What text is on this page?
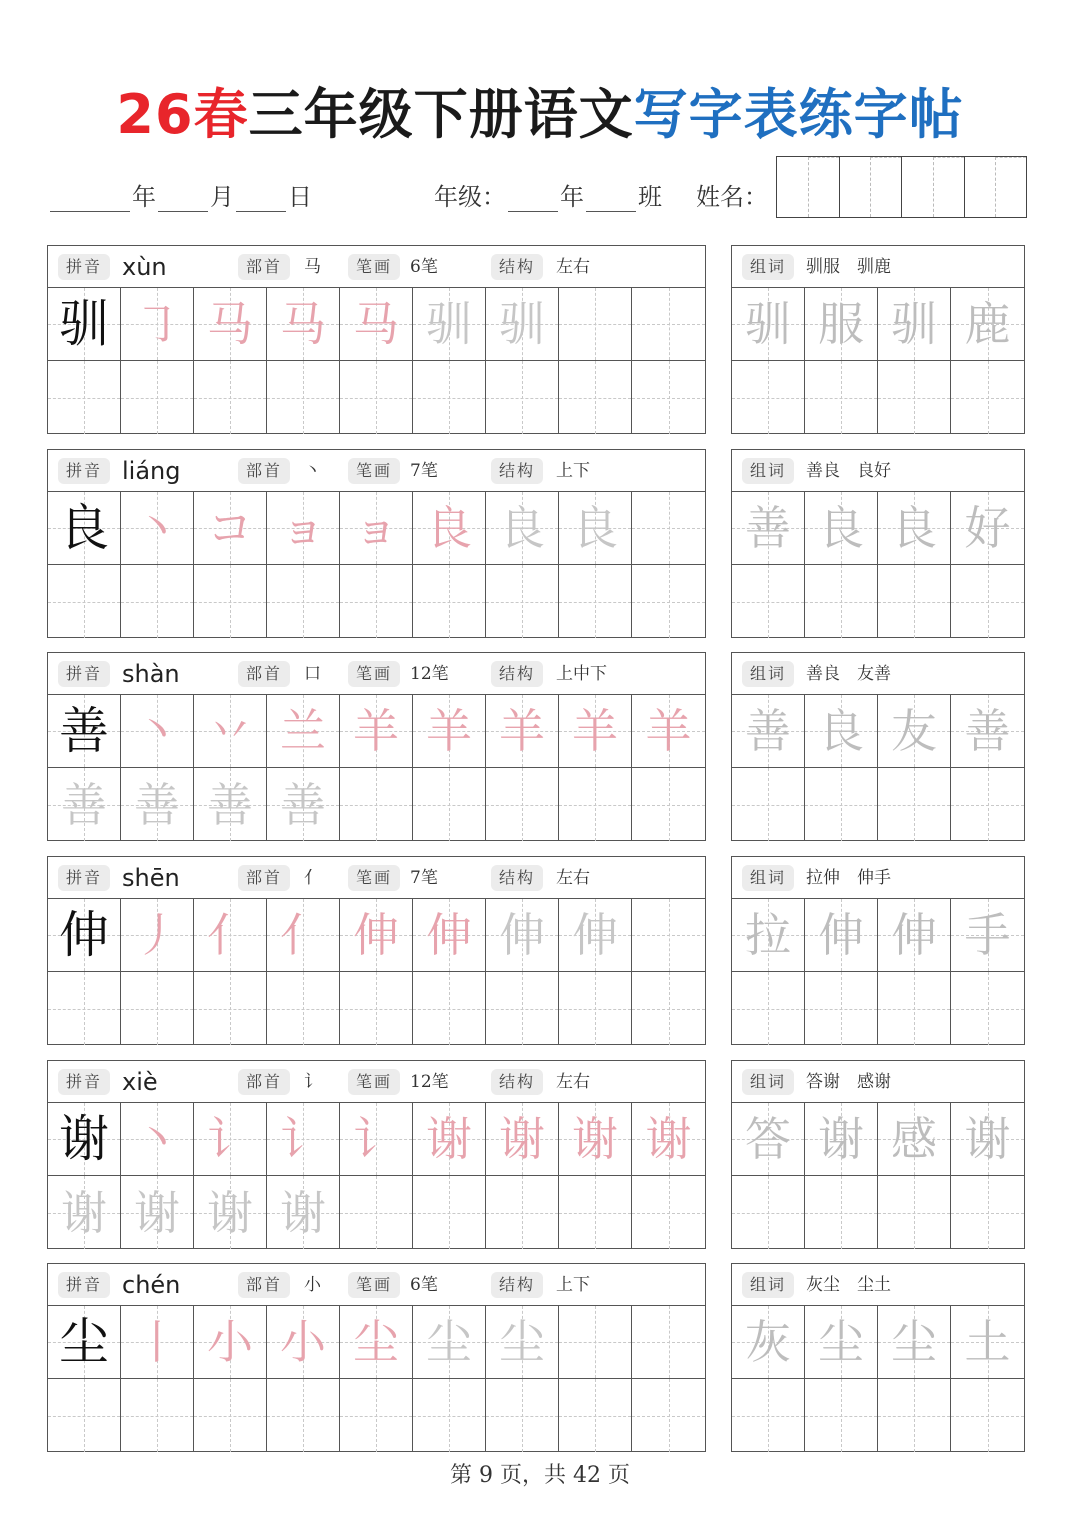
26春三年级下册语文写字表练字帖
年 月 日	年级： 年 班 姓名：
拼音 xùn	部首	马	笔画	6笔	结构	左右
驯 ㇆ 马 马 马 驯 驯
组词	驯服　驯鹿
驯 服 驯 鹿
拼音 liáng	部首	丶	笔画	7笔	结构	上下
良 丶 コ ョ ョ 良 良 良
组词	善良　良好
善 良 良 好
拼音 shàn	部首	口	笔画	12笔	结构	上中下
善 丶 丷 兰 羊 羊 羊 羊 羊
善 善 善 善
组词	善良　友善
善 良 友 善
拼音 shēn	部首	亻	笔画	7笔	结构	左右
伸 丿 亻 亻 伸 伸 伸 伸
组词	拉伸　伸手
拉 伸 伸 手
拼音 xiè	部首	讠	笔画	12笔	结构	左右
谢 丶 讠 讠 讠 谢 谢 谢 谢
谢 谢 谢 谢
组词	答谢　感谢
答 谢 感 谢
拼音 chén	部首	小	笔画	6笔	结构	上下
尘 丨 小 小 尘 尘 尘
组词	灰尘　尘土
灰 尘 尘 土
第 9 页，共 42 页
